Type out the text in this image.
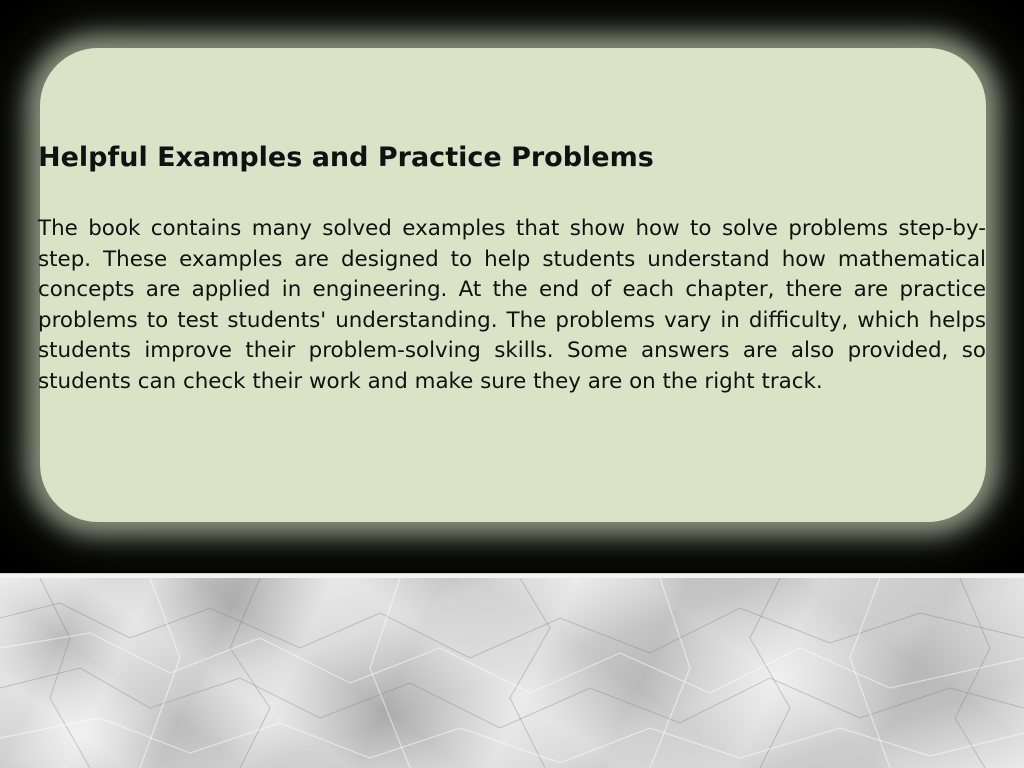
Helpful Examples and Practice Problems

The book contains many solved examples that show how to solve problems step-by-step. These examples are designed to help students understand how mathematical concepts are applied in engineering. At the end of each chapter, there are practice problems to test students' understanding. The problems vary in difficulty, which helps students improve their problem-solving skills. Some answers are also provided, so students can check their work and make sure they are on the right track.
